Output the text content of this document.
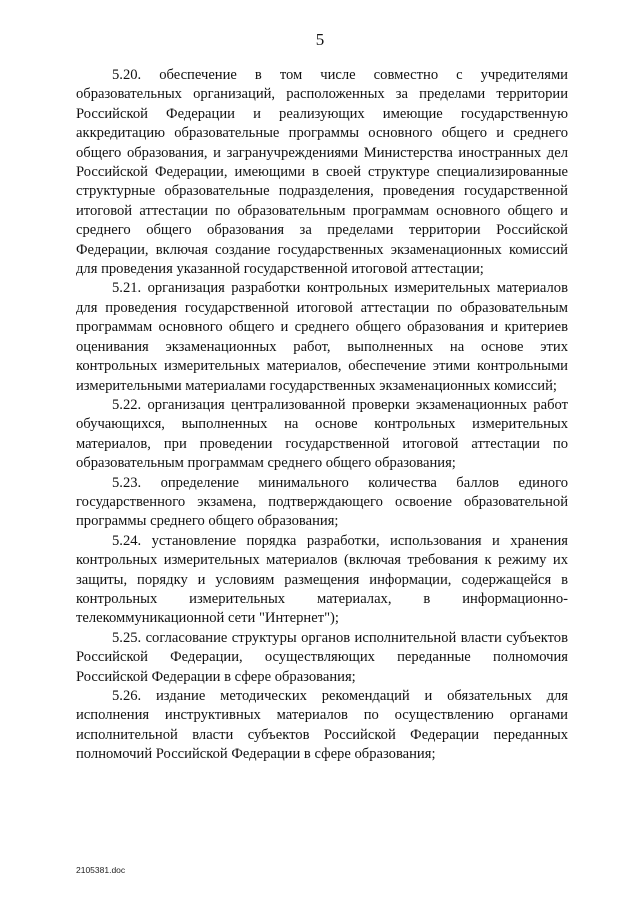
5

5.20. обеспечение в том числе совместно с учредителями образовательных организаций, расположенных за пределами территории Российской Федерации и реализующих имеющие государственную аккредитацию образовательные программы основного общего и среднего общего образования, и загранучреждениями Министерства иностранных дел Российской Федерации, имеющими в своей структуре специализированные структурные образовательные подразделения, проведения государственной итоговой аттестации по образовательным программам основного общего и среднего общего образования за пределами территории Российской Федерации, включая создание государственных экзаменационных комиссий для проведения указанной государственной итоговой аттестации;

5.21. организация разработки контрольных измерительных материалов для проведения государственной итоговой аттестации по образовательным программам основного общего и среднего общего образования и критериев оценивания экзаменационных работ, выполненных на основе этих контрольных измерительных материалов, обеспечение этими контрольными измерительными материалами государственных экзаменационных комиссий;

5.22. организация централизованной проверки экзаменационных работ обучающихся, выполненных на основе контрольных измерительных материалов, при проведении государственной итоговой аттестации по образовательным программам среднего общего образования;

5.23. определение минимального количества баллов единого государственного экзамена, подтверждающего освоение образовательной программы среднего общего образования;

5.24. установление порядка разработки, использования и хранения контрольных измерительных материалов (включая требования к режиму их защиты, порядку и условиям размещения информации, содержащейся в контрольных измерительных материалах, в информационно-телекоммуникационной сети "Интернет");

5.25. согласование структуры органов исполнительной власти субъектов Российской Федерации, осуществляющих переданные полномочия Российской Федерации в сфере образования;

5.26. издание методических рекомендаций и обязательных для исполнения инструктивных материалов по осуществлению органами исполнительной власти субъектов Российской Федерации переданных полномочий Российской Федерации в сфере образования;

2105381.doc
